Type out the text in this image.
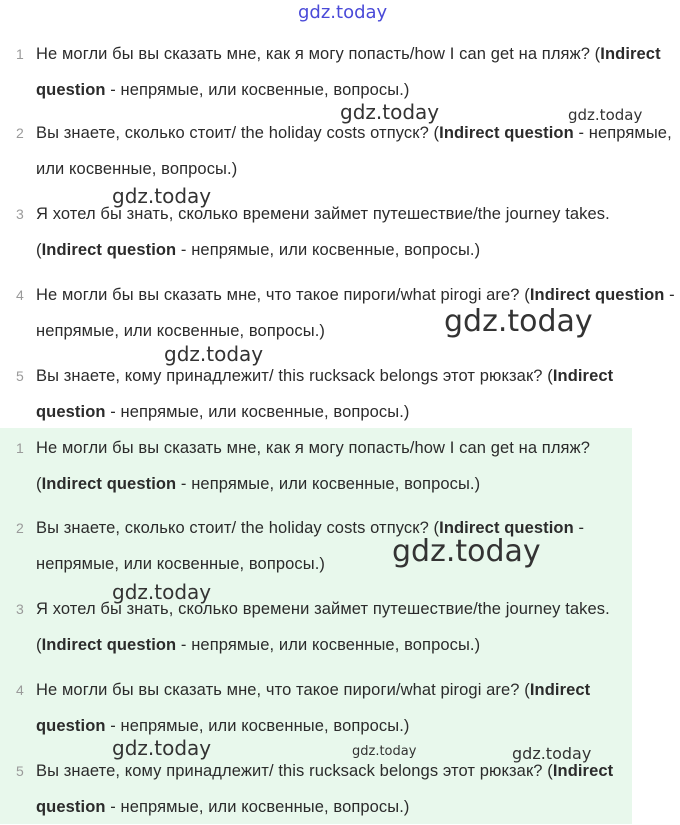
gdz.today
1 Не могли бы вы сказать мне, как я могу попасть/how I can get на пляж? (Indirect question - непрямые, или косвенные, вопросы.)
2 Вы знаете, сколько стоит/ the holiday costs отпуск? (Indirect question - непрямые, или косвенные, вопросы.)
3 Я хотел бы знать, сколько времени займет путешествие/the journey takes. (Indirect question - непрямые, или косвенные, вопросы.)
4 Не могли бы вы сказать мне, что такое пироги/what pirogi are? (Indirect question - непрямые, или косвенные, вопросы.)
5 Вы знаете, кому принадлежит/ this rucksack belongs этот рюкзак? (Indirect question - непрямые, или косвенные, вопросы.)
1 Не могли бы вы сказать мне, как я могу попасть/how I can get на пляж? (Indirect question - непрямые, или косвенные, вопросы.)
2 Вы знаете, сколько стоит/ the holiday costs отпуск? (Indirect question - непрямые, или косвенные, вопросы.)
3 Я хотел бы знать, сколько времени займет путешествие/the journey takes. (Indirect question - непрямые, или косвенные, вопросы.)
4 Не могли бы вы сказать мне, что такое пироги/what pirogi are? (Indirect question - непрямые, или косвенные, вопросы.)
5 Вы знаете, кому принадлежит/ this rucksack belongs этот рюкзак? (Indirect question - непрямые, или косвенные, вопросы.)
gdz.today	gdz.today
gdz.today
gdz.today
gdz.today
gdz.today
gdz.today
gdz.today	gdz.today	gdz.today
